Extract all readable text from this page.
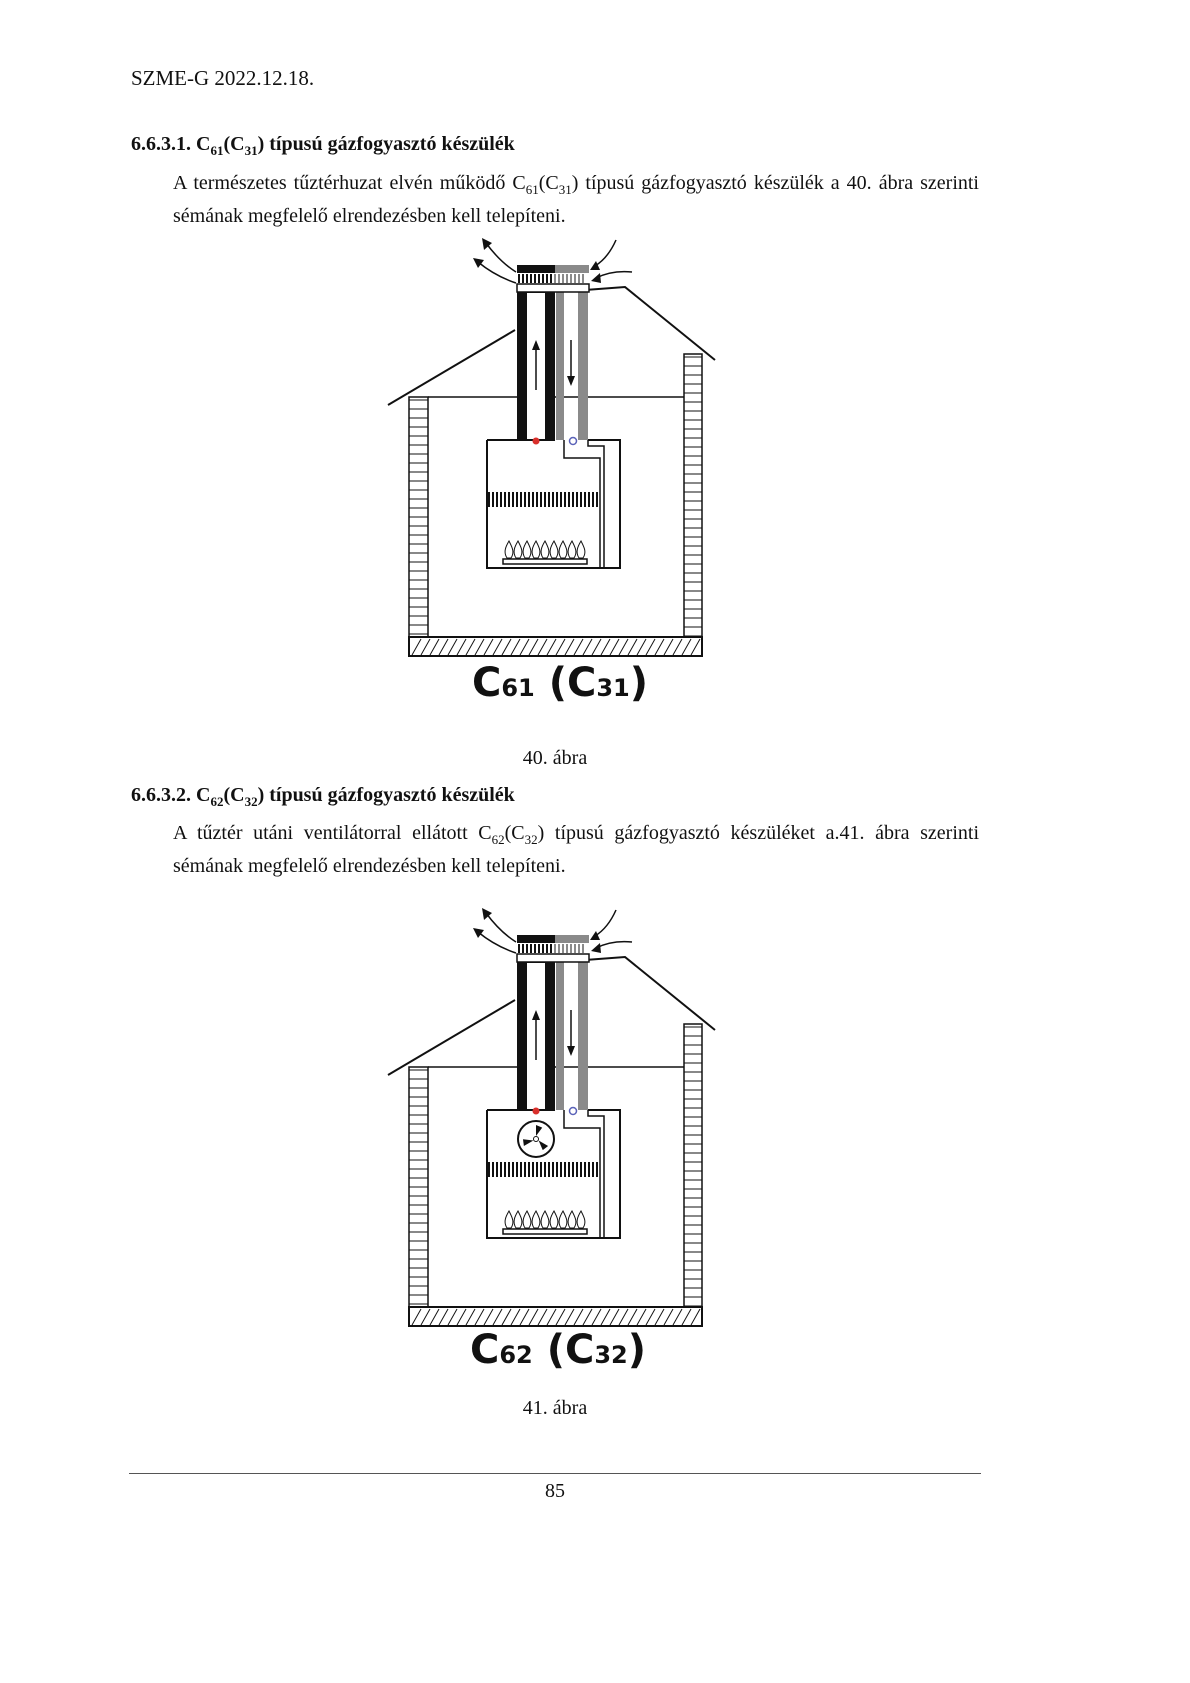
SZME-G 2022.12.18.
6.6.3.1. $C_{61}(C_{31})$ típusú gázfogyasztó készülék
A természetes tűztérhuzat elvén működő $C_{61}(C_{31})$ típusú gázfogyasztó készülék a 40. ábra szerinti sémának megfelelő elrendezésben kell telepíteni.
C61 (C31)
40. ábra
6.6.3.2. $C_{62}(C_{32})$ típusú gázfogyasztó készülék
A tűztér utáni ventilátorral ellátott $C_{62}(C_{32})$ típusú gázfogyasztó készüléket a.41. ábra szerinti sémának megfelelő elrendezésben kell telepíteni.
C62 (C32)
41. ábra
85
